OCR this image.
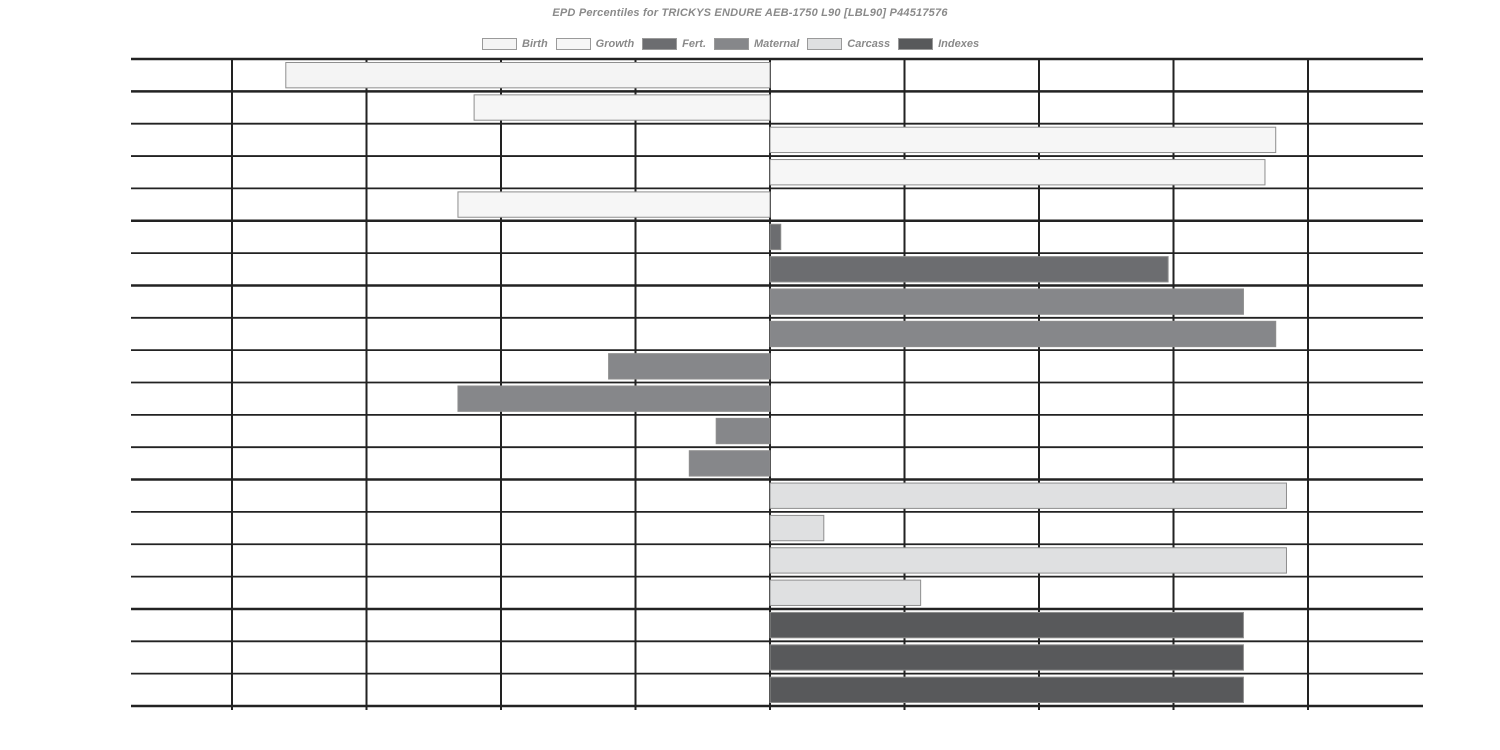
EPD Percentiles for TRICKYS ENDURE AEB-1750 L90 [LBL90] P44517576
Birth	Growth	Fert.	Maternal	Carcass	Indexes
